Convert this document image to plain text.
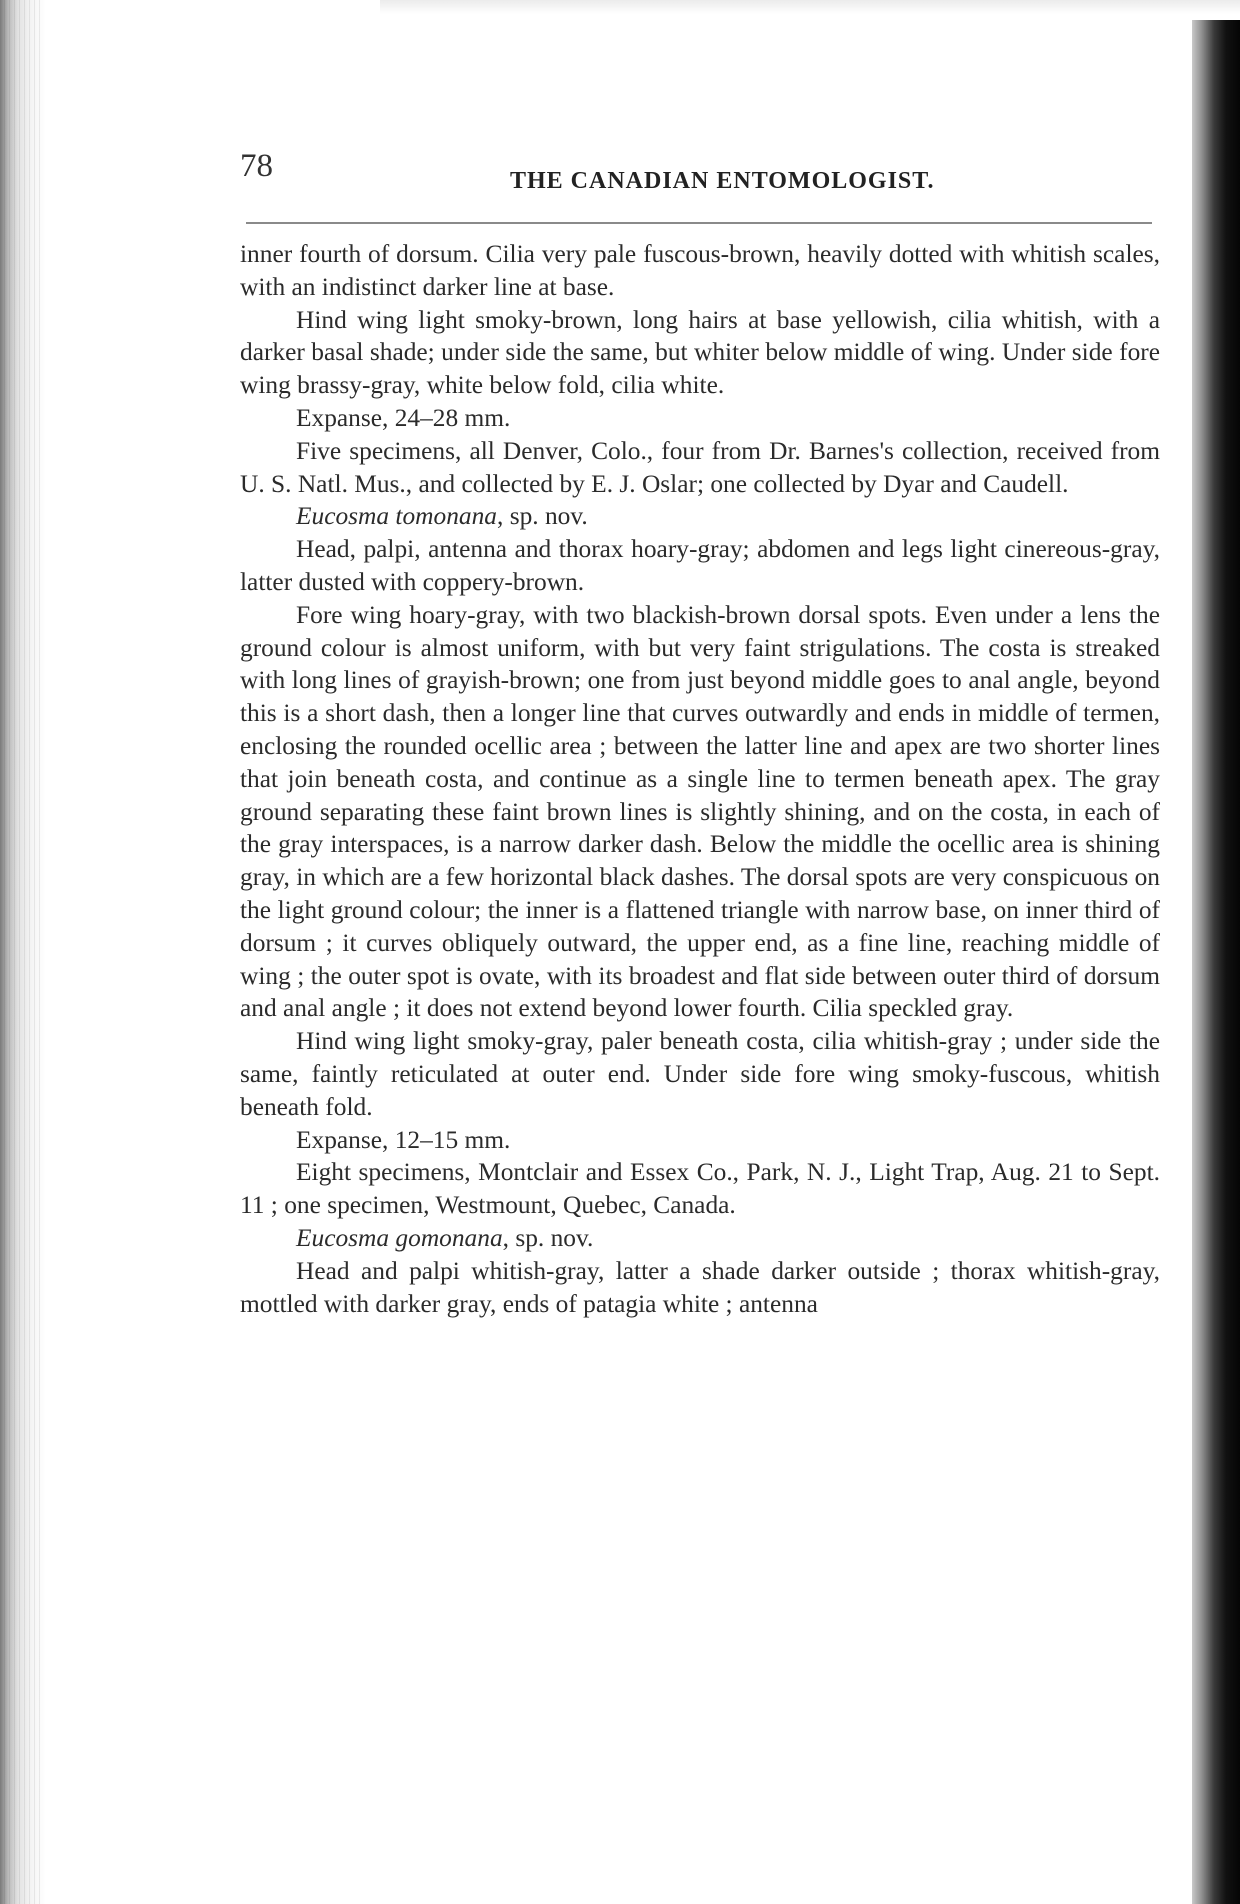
78	THE CANADIAN ENTOMOLOGIST.

inner fourth of dorsum. Cilia very pale fuscous-brown, heavily dotted with whitish scales, with an indistinct darker line at base.

Hind wing light smoky-brown, long hairs at base yellowish, cilia whitish, with a darker basal shade; under side the same, but whiter below middle of wing. Under side fore wing brassy-gray, white below fold, cilia white.

Expanse, 24–28 mm.

Five specimens, all Denver, Colo., four from Dr. Barnes's collection, received from U. S. Natl. Mus., and collected by E. J. Oslar; one collected by Dyar and Caudell.

Eucosma tomonana, sp. nov.

Head, palpi, antenna and thorax hoary-gray; abdomen and legs light cinereous-gray, latter dusted with coppery-brown.

Fore wing hoary-gray, with two blackish-brown dorsal spots. Even under a lens the ground colour is almost uniform, with but very faint strigulations. The costa is streaked with long lines of grayish-brown; one from just beyond middle goes to anal angle, beyond this is a short dash, then a longer line that curves outwardly and ends in middle of termen, enclosing the rounded ocellic area ; between the latter line and apex are two shorter lines that join beneath costa, and continue as a single line to termen beneath apex. The gray ground separating these faint brown lines is slightly shining, and on the costa, in each of the gray interspaces, is a narrow darker dash. Below the middle the ocellic area is shining gray, in which are a few horizontal black dashes. The dorsal spots are very conspicuous on the light ground colour; the inner is a flattened triangle with narrow base, on inner third of dorsum ; it curves obliquely outward, the upper end, as a fine line, reaching middle of wing ; the outer spot is ovate, with its broadest and flat side between outer third of dorsum and anal angle ; it does not extend beyond lower fourth. Cilia speckled gray.

Hind wing light smoky-gray, paler beneath costa, cilia whitish-gray ; under side the same, faintly reticulated at outer end. Under side fore wing smoky-fuscous, whitish beneath fold.

Expanse, 12–15 mm.

Eight specimens, Montclair and Essex Co., Park, N. J., Light Trap, Aug. 21 to Sept. 11 ; one specimen, Westmount, Quebec, Canada.

Eucosma gomonana, sp. nov.

Head and palpi whitish-gray, latter a shade darker outside ; thorax whitish-gray, mottled with darker gray, ends of patagia white ; antenna
